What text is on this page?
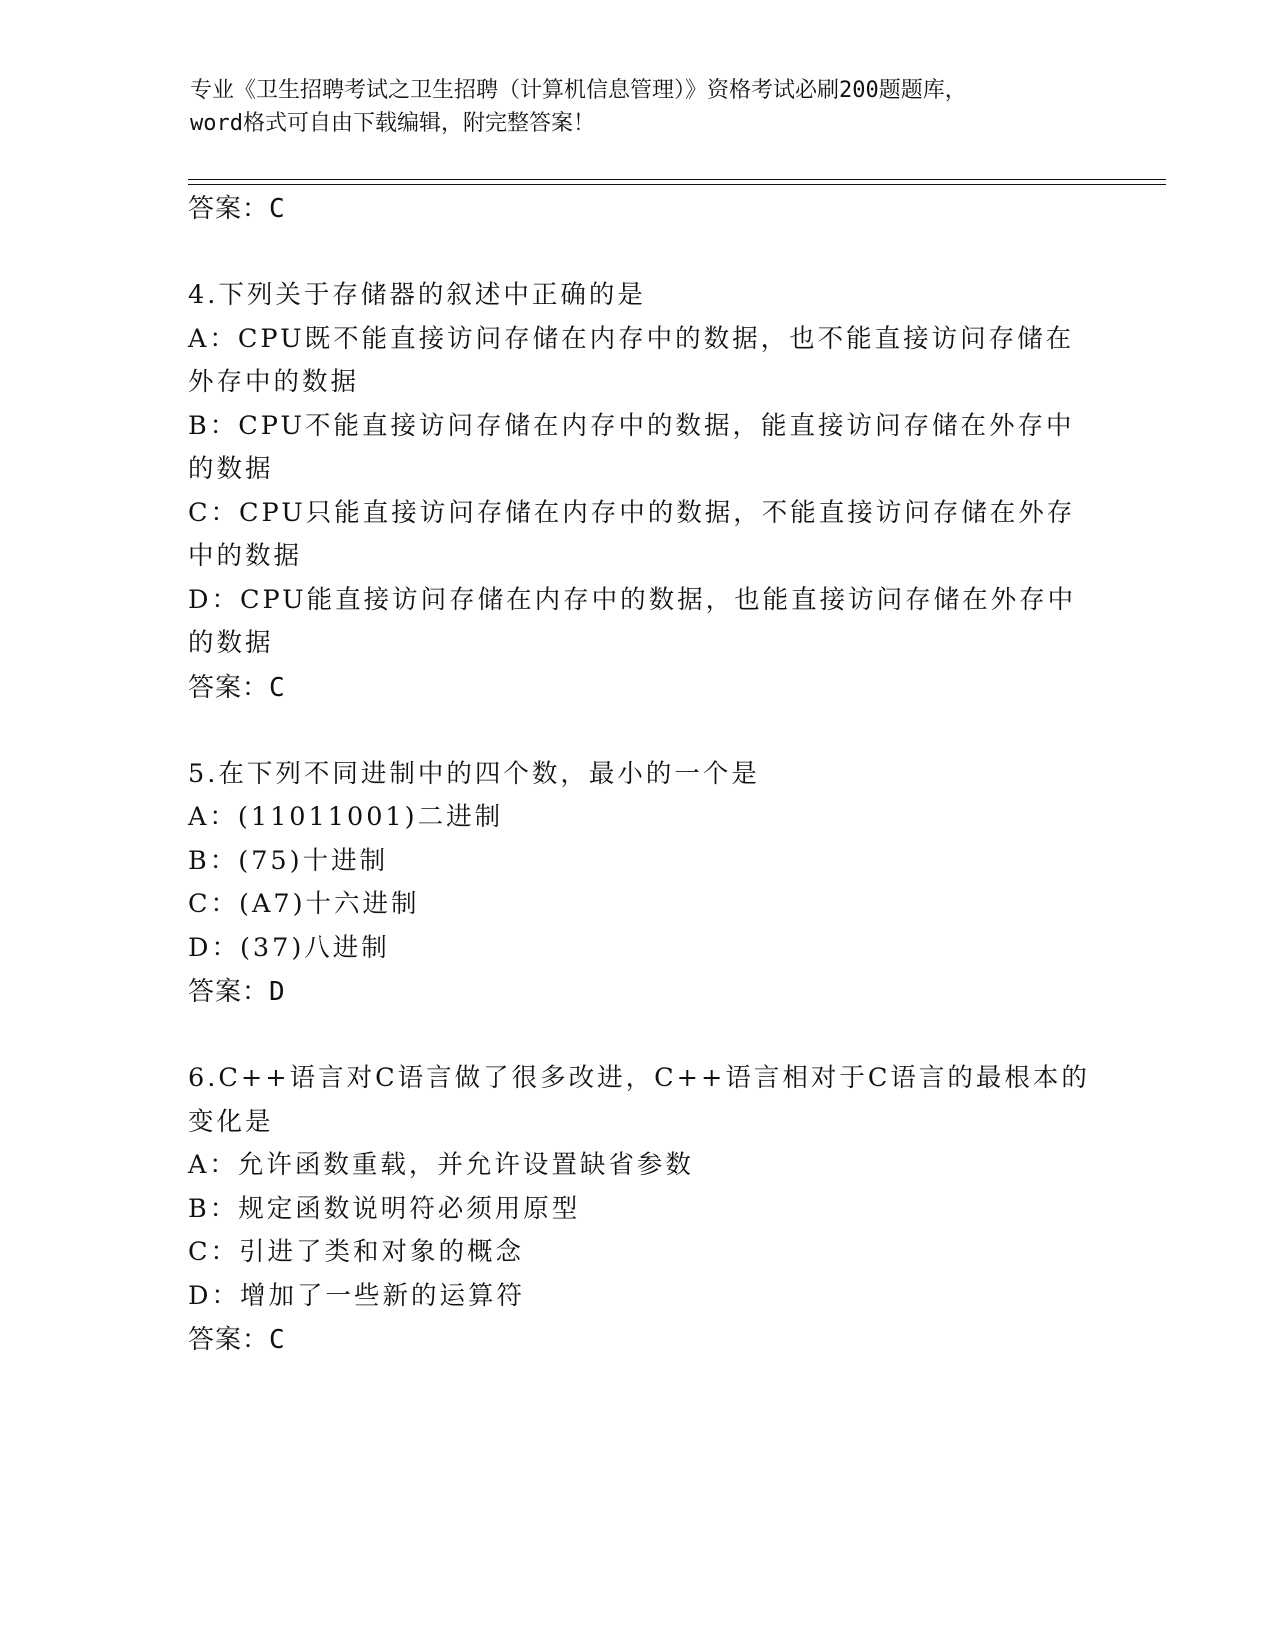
专业《卫生招聘考试之卫生招聘（计算机信息管理）》资格考试必刷200题题库，
word格式可自由下载编辑，附完整答案！
答案：C
4.下列关于存储器的叙述中正确的是
A：CPU既不能直接访问存储在内存中的数据，也不能直接访问存储在
外存中的数据
B：CPU不能直接访问存储在内存中的数据，能直接访问存储在外存中
的数据
C：CPU只能直接访问存储在内存中的数据，不能直接访问存储在外存
中的数据
D：CPU能直接访问存储在内存中的数据，也能直接访问存储在外存中
的数据
答案：C
5.在下列不同进制中的四个数，最小的一个是
A：(11011001)二进制
B：(75)十进制
C：(A7)十六进制
D：(37)八进制
答案：D
6.C++语言对C语言做了很多改进，C++语言相对于C语言的最根本的
变化是
A：允许函数重载，并允许设置缺省参数
B：规定函数说明符必须用原型
C：引进了类和对象的概念
D：增加了一些新的运算符
答案：C
